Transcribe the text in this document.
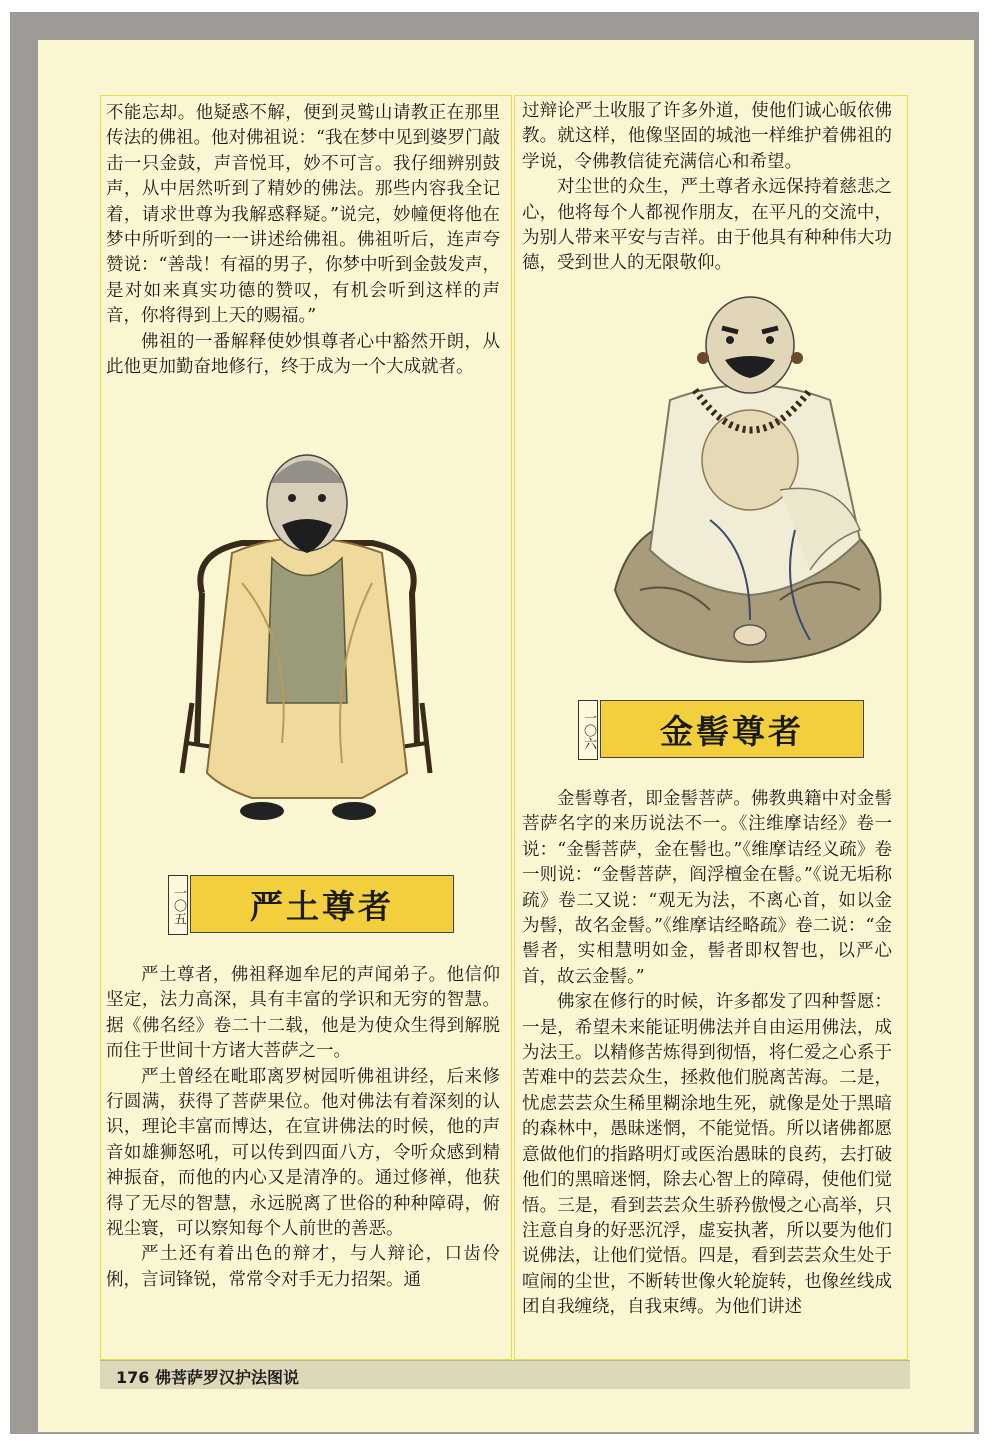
不能忘却。他疑惑不解，便到灵鹫山请教正在那里传法的佛祖。他对佛祖说：“我在梦中见到婆罗门敲击一只金鼓，声音悦耳，妙不可言。我仔细辨别鼓声，从中居然听到了精妙的佛法。那些内容我全记着，请求世尊为我解惑释疑。”说完，妙幢便将他在梦中所听到的一一讲述给佛祖。佛祖听后，连声夸赞说：“善哉！有福的男子，你梦中听到金鼓发声，是对如来真实功德的赞叹，有机会听到这样的声音，你将得到上天的赐福。”

佛祖的一番解释使妙惧尊者心中豁然开朗，从此他更加勤奋地修行，终于成为一个大成就者。

一〇五	严土尊者

严土尊者，佛祖释迦牟尼的声闻弟子。他信仰坚定，法力高深，具有丰富的学识和无穷的智慧。据《佛名经》卷二十二载，他是为使众生得到解脱而住于世间十方诸大菩萨之一。

严土曾经在毗耶离罗树园听佛祖讲经，后来修行圆满，获得了菩萨果位。他对佛法有着深刻的认识，理论丰富而博达，在宣讲佛法的时候，他的声音如雄狮怒吼，可以传到四面八方，令听众感到精神振奋，而他的内心又是清净的。通过修禅，他获得了无尽的智慧，永远脱离了世俗的种种障碍，俯视尘寰，可以察知每个人前世的善恶。

严土还有着出色的辩才，与人辩论，口齿伶俐，言词锋锐，常常令对手无力招架。通

过辩论严土收服了许多外道，使他们诚心皈依佛教。就这样，他像坚固的城池一样维护着佛祖的学说，令佛教信徒充满信心和希望。

对尘世的众生，严土尊者永远保持着慈悲之心，他将每个人都视作朋友，在平凡的交流中，为别人带来平安与吉祥。由于他具有种种伟大功德，受到世人的无限敬仰。

一〇六	金髻尊者

金髻尊者，即金髻菩萨。佛教典籍中对金髻菩萨名字的来历说法不一。《注维摩诘经》卷一说：“金髻菩萨，金在髻也。”《维摩诘经义疏》卷一则说：“金髻菩萨，阎浮檀金在髻。”《说无垢称疏》卷二又说：“观无为法，不离心首，如以金为髻，故名金髻。”《维摩诘经略疏》卷二说：“金髻者，实相慧明如金，髻者即权智也，以严心首，故云金髻。”

佛家在修行的时候，许多都发了四种誓愿：一是，希望未来能证明佛法并自由运用佛法，成为法王。以精修苦炼得到彻悟，将仁爱之心系于苦难中的芸芸众生，拯救他们脱离苦海。二是，忧虑芸芸众生稀里糊涂地生死，就像是处于黑暗的森林中，愚昧迷惘，不能觉悟。所以诸佛都愿意做他们的指路明灯或医治愚昧的良药，去打破他们的黑暗迷惘，除去心智上的障碍，使他们觉悟。三是，看到芸芸众生骄矜傲慢之心高举，只注意自身的好恶沉浮，虚妄执著，所以要为他们说佛法，让他们觉悟。四是，看到芸芸众生处于喧闹的尘世，不断转世像火轮旋转，也像丝线成团自我缠绕，自我束缚。为他们讲述

176 佛菩萨罗汉护法图说
